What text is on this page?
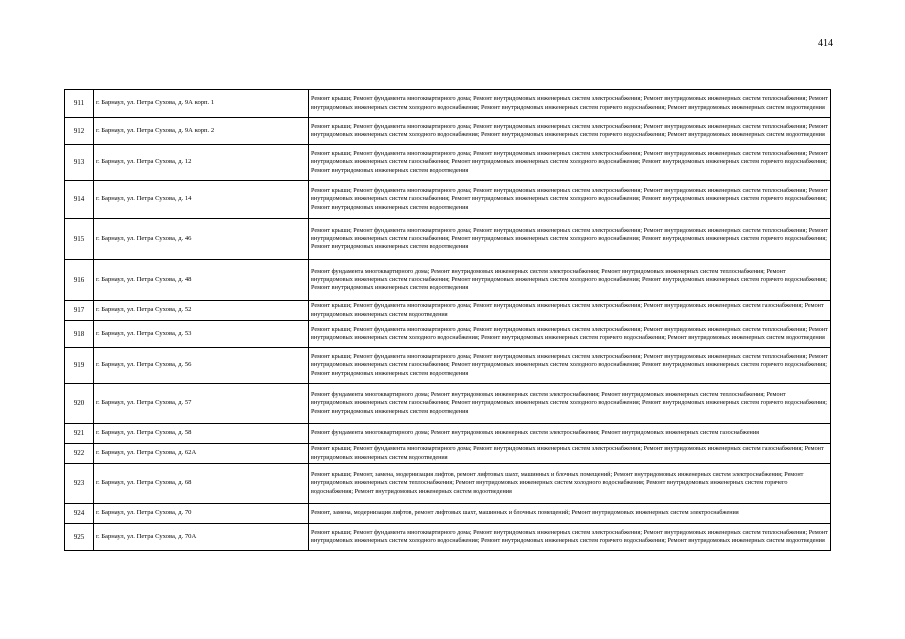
414
911	г. Барнаул, ул. Петра Сухова, д. 9А корп. 1	Ремонт крыши; Ремонт фундамента многоквартирного дома; Ремонт внутридомовых инженерных систем электроснабжения; Ремонт внутридомовых инженерных систем теплоснабжения; Ремонт внутридомовых инженерных систем холодного водоснабжения; Ремонт внутридомовых инженерных систем горячего водоснабжения; Ремонт внутридомовых инженерных систем водоотведения
912	г. Барнаул, ул. Петра Сухова, д. 9А корп. 2	Ремонт крыши; Ремонт фундамента многоквартирного дома; Ремонт внутридомовых инженерных систем электроснабжения; Ремонт внутридомовых инженерных систем теплоснабжения; Ремонт внутридомовых инженерных систем холодного водоснабжения; Ремонт внутридомовых инженерных систем горячего водоснабжения; Ремонт внутридомовых инженерных систем водоотведения
913	г. Барнаул, ул. Петра Сухова, д. 12	Ремонт крыши; Ремонт фундамента многоквартирного дома; Ремонт внутридомовых инженерных систем электроснабжения; Ремонт внутридомовых инженерных систем теплоснабжения; Ремонт внутридомовых инженерных систем газоснабжения; Ремонт внутридомовых инженерных систем холодного водоснабжения; Ремонт внутридомовых инженерных систем горячего водоснабжения; Ремонт внутридомовых инженерных систем водоотведения
914	г. Барнаул, ул. Петра Сухова, д. 14	Ремонт крыши; Ремонт фундамента многоквартирного дома; Ремонт внутридомовых инженерных систем электроснабжения; Ремонт внутридомовых инженерных систем теплоснабжения; Ремонт внутридомовых инженерных систем газоснабжения; Ремонт внутридомовых инженерных систем холодного водоснабжения; Ремонт внутридомовых инженерных систем горячего водоснабжения; Ремонт внутридомовых инженерных систем водоотведения
915	г. Барнаул, ул. Петра Сухова, д. 46	Ремонт крыши; Ремонт фундамента многоквартирного дома; Ремонт внутридомовых инженерных систем электроснабжения; Ремонт внутридомовых инженерных систем теплоснабжения; Ремонт внутридомовых инженерных систем газоснабжения; Ремонт внутридомовых инженерных систем холодного водоснабжения; Ремонт внутридомовых инженерных систем горячего водоснабжения; Ремонт внутридомовых инженерных систем водоотведения
916	г. Барнаул, ул. Петра Сухова, д. 48	Ремонт фундамента многоквартирного дома; Ремонт внутридомовых инженерных систем электроснабжения; Ремонт внутридомовых инженерных систем теплоснабжения; Ремонт внутридомовых инженерных систем газоснабжения; Ремонт внутридомовых инженерных систем холодного водоснабжения; Ремонт внутридомовых инженерных систем горячего водоснабжения; Ремонт внутридомовых инженерных систем водоотведения
917	г. Барнаул, ул. Петра Сухова, д. 52	Ремонт крыши; Ремонт фундамента многоквартирного дома; Ремонт внутридомовых инженерных систем электроснабжения; Ремонт внутридомовых инженерных систем газоснабжения; Ремонт внутридомовых инженерных систем водоотведения
918	г. Барнаул, ул. Петра Сухова, д. 53	Ремонт крыши; Ремонт фундамента многоквартирного дома; Ремонт внутридомовых инженерных систем электроснабжения; Ремонт внутридомовых инженерных систем теплоснабжения; Ремонт внутридомовых инженерных систем холодного водоснабжения; Ремонт внутридомовых инженерных систем горячего водоснабжения; Ремонт внутридомовых инженерных систем водоотведения
919	г. Барнаул, ул. Петра Сухова, д. 56	Ремонт крыши; Ремонт фундамента многоквартирного дома; Ремонт внутридомовых инженерных систем электроснабжения; Ремонт внутридомовых инженерных систем теплоснабжения; Ремонт внутридомовых инженерных систем газоснабжения; Ремонт внутридомовых инженерных систем холодного водоснабжения; Ремонт внутридомовых инженерных систем горячего водоснабжения; Ремонт внутридомовых инженерных систем водоотведения
920	г. Барнаул, ул. Петра Сухова, д. 57	Ремонт фундамента многоквартирного дома; Ремонт внутридомовых инженерных систем электроснабжения; Ремонт внутридомовых инженерных систем теплоснабжения; Ремонт внутридомовых инженерных систем газоснабжения; Ремонт внутридомовых инженерных систем холодного водоснабжения; Ремонт внутридомовых инженерных систем горячего водоснабжения; Ремонт внутридомовых инженерных систем водоотведения
921	г. Барнаул, ул. Петра Сухова, д. 58	Ремонт фундамента многоквартирного дома; Ремонт внутридомовых инженерных систем электроснабжения; Ремонт внутридомовых инженерных систем газоснабжения
922	г. Барнаул, ул. Петра Сухова, д. 62А	Ремонт крыши; Ремонт фундамента многоквартирного дома; Ремонт внутридомовых инженерных систем электроснабжения; Ремонт внутридомовых инженерных систем газоснабжения; Ремонт внутридомовых инженерных систем водоотведения
923	г. Барнаул, ул. Петра Сухова, д. 68	Ремонт крыши; Ремонт, замена, модернизация лифтов, ремонт лифтовых шахт, машинных и блочных помещений; Ремонт внутридомовых инженерных систем электроснабжения; Ремонт внутридомовых инженерных систем теплоснабжения; Ремонт внутридомовых инженерных систем холодного водоснабжения; Ремонт внутридомовых инженерных систем горячего водоснабжения; Ремонт внутридомовых инженерных систем водоотведения
924	г. Барнаул, ул. Петра Сухова, д. 70	Ремонт, замена, модернизация лифтов, ремонт лифтовых шахт, машинных и блочных помещений; Ремонт внутридомовых инженерных систем электроснабжения
925	г. Барнаул, ул. Петра Сухова, д. 70А	Ремонт крыши; Ремонт фундамента многоквартирного дома; Ремонт внутридомовых инженерных систем электроснабжения; Ремонт внутридомовых инженерных систем теплоснабжения; Ремонт внутридомовых инженерных систем холодного водоснабжения; Ремонт внутридомовых инженерных систем горячего водоснабжения; Ремонт внутридомовых инженерных систем водоотведения
